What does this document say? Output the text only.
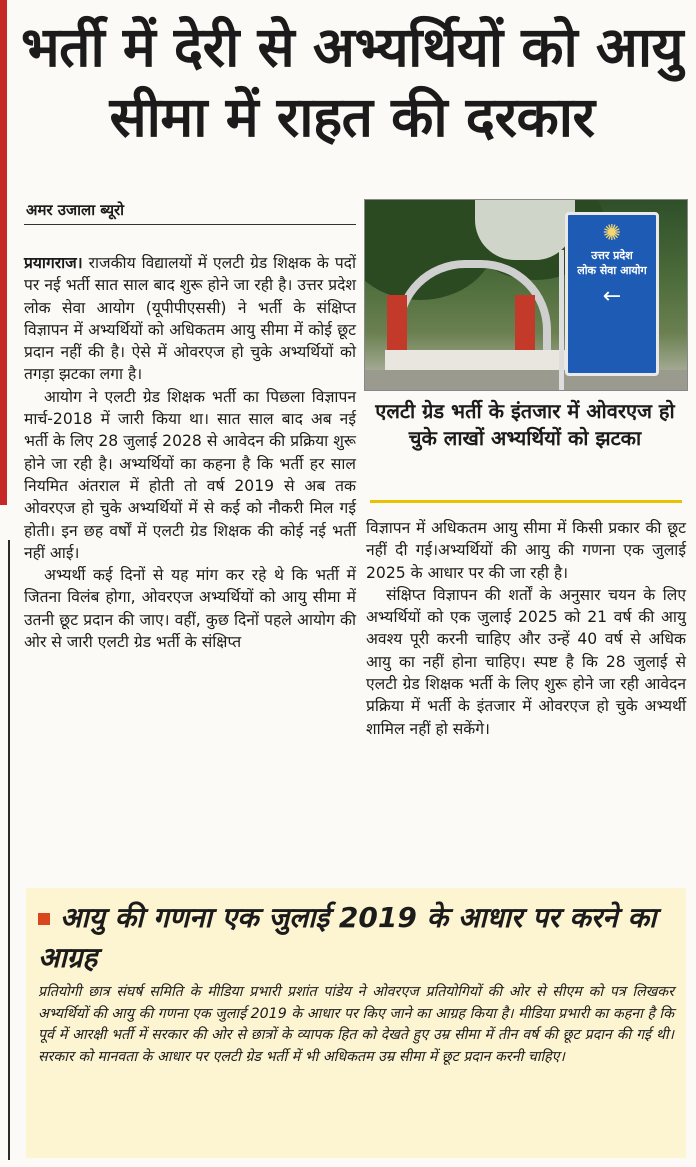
भर्ती में देरी से अभ्यर्थियों को आयु सीमा में राहत की दरकार

अमर उजाला ब्यूरो

प्रयागराज। राजकीय विद्यालयों में एलटी ग्रेड शिक्षक के पदों पर नई भर्ती सात साल बाद शुरू होने जा रही है। उत्तर प्रदेश लोक सेवा आयोग (यूपीपीएससी) ने भर्ती के संक्षिप्त विज्ञापन में अभ्यर्थियों को अधिकतम आयु सीमा में कोई छूट प्रदान नहीं की है। ऐसे में ओवरएज हो चुके अभ्यर्थियों को तगड़ा झटका लगा है।

आयोग ने एलटी ग्रेड शिक्षक भर्ती का पिछला विज्ञापन मार्च-2018 में जारी किया था। सात साल बाद अब नई भर्ती के लिए 28 जुलाई 2028 से आवेदन की प्रक्रिया शुरू होने जा रही है। अभ्यर्थियों का कहना है कि भर्ती हर साल नियमित अंतराल में होती तो वर्ष 2019 से अब तक ओवरएज हो चुके अभ्यर्थियों में से कई को नौकरी मिल गई होती। इन छह वर्षों में एलटी ग्रेड शिक्षक की कोई नई भर्ती नहीं आई।

अभ्यर्थी कई दिनों से यह मांग कर रहे थे कि भर्ती में जितना विलंब होगा, ओवरएज अभ्यर्थियों को आयु सीमा में उतनी छूट प्रदान की जाए। वहीं, कुछ दिनों पहले आयोग की ओर से जारी एलटी ग्रेड भर्ती के संक्षिप्त

✺
उत्तर प्रदेश
लोक सेवा आयोग
←

एलटी ग्रेड भर्ती के इंतजार में ओवरएज हो चुके लाखों अभ्यर्थियों को झटका

विज्ञापन में अधिकतम आयु सीमा में किसी प्रकार की छूट नहीं दी गई।अभ्यर्थियों की आयु की गणना एक जुलाई 2025 के आधार पर की जा रही है।

संक्षिप्त विज्ञापन की शर्तों के अनुसार चयन के लिए अभ्यर्थियों को एक जुलाई 2025 को 21 वर्ष की आयु अवश्य पूरी करनी चाहिए और उन्हें 40 वर्ष से अधिक आयु का नहीं होना चाहिए। स्पष्ट है कि 28 जुलाई से एलटी ग्रेड शिक्षक भर्ती के लिए शुरू होने जा रही आवेदन प्रक्रिया में भर्ती के इंतजार में ओवरएज हो चुके अभ्यर्थी शामिल नहीं हो सकेंगे।

आयु की गणना एक जुलाई 2019 के आधार पर करने का आग्रह

प्रतियोगी छात्र संघर्ष समिति के मीडिया प्रभारी प्रशांत पांडेय ने ओवरएज प्रतियोगियों की ओर से सीएम को पत्र लिखकर अभ्यर्थियों की आयु की गणना एक जुलाई 2019 के आधार पर किए जाने का आग्रह किया है। मीडिया प्रभारी का कहना है कि पूर्व में आरक्षी भर्ती में सरकार की ओर से छात्रों के व्यापक हित को देखते हुए उम्र सीमा में तीन वर्ष की छूट प्रदान की गई थी। सरकार को मानवता के आधार पर एलटी ग्रेड भर्ती में भी अधिकतम उम्र सीमा में छूट प्रदान करनी चाहिए।
